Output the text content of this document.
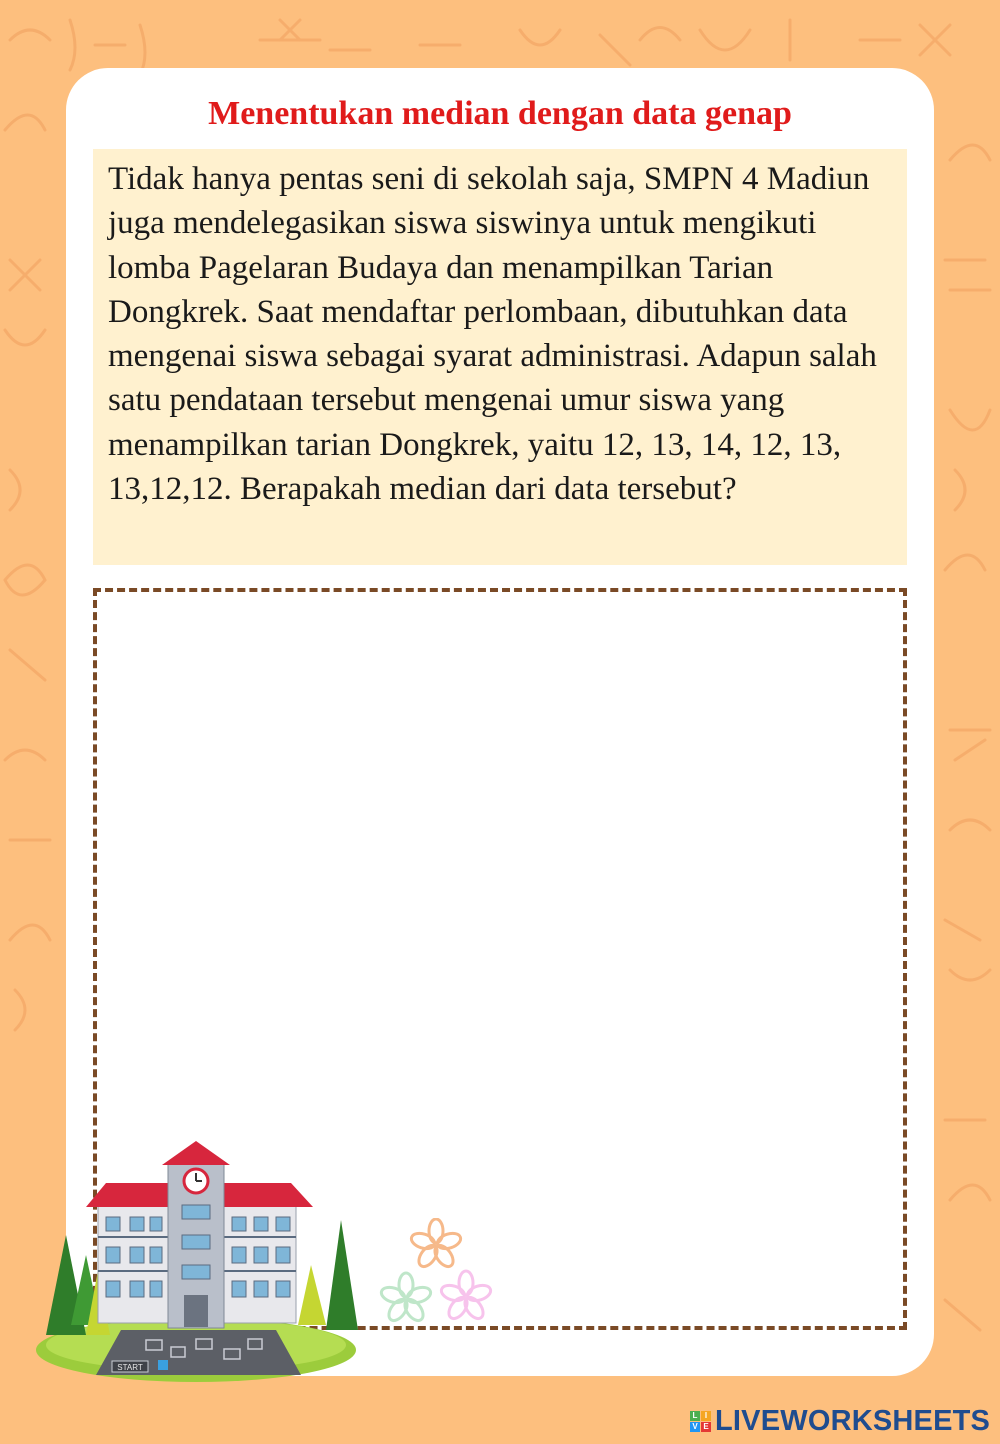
Menentukan median dengan data genap

Tidak hanya pentas seni di sekolah saja, SMPN 4 Madiun juga mendelegasikan siswa siswinya untuk mengikuti lomba Pagelaran Budaya dan menampilkan Tarian Dongkrek. Saat mendaftar perlombaan, dibutuhkan data mengenai siswa sebagai syarat administrasi. Adapun salah satu pendataan tersebut mengenai umur siswa yang menampilkan tarian Dongkrek, yaitu 12, 13, 14, 12, 13, 13,12,12. Berapakah median dari data tersebut?

START
L I
V E LIVEWORKSHEETS
